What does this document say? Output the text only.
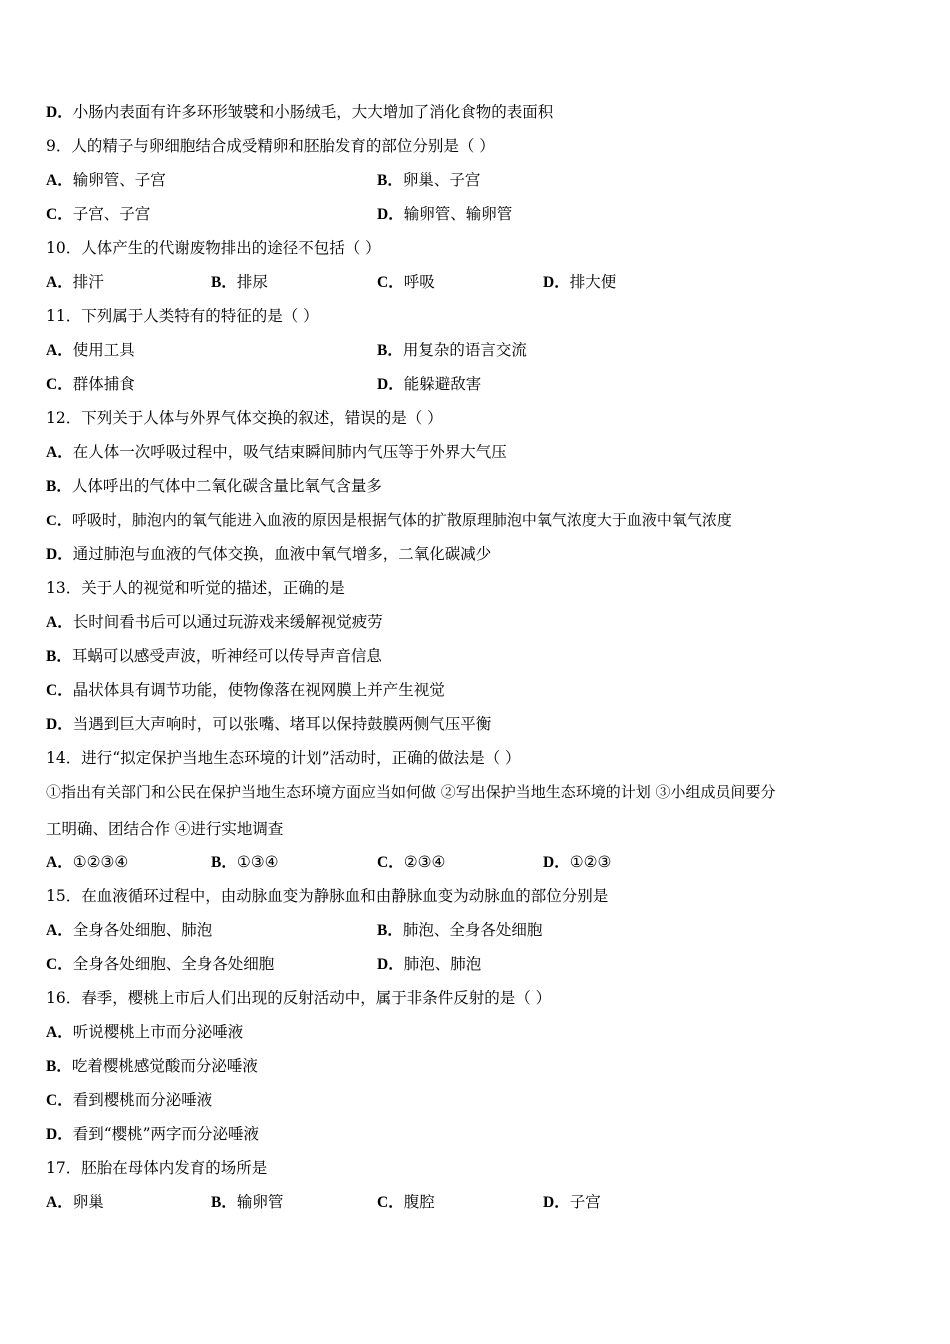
D．小肠内表面有许多环形皱襞和小肠绒毛，大大增加了消化食物的表面积
9．人的精子与卵细胞结合成受精卵和胚胎发育的部位分别是（ ）
A．输卵管、子宫	B．卵巢、子宫
C．子宫、子宫	D．输卵管、输卵管
10．人体产生的代谢废物排出的途径不包括（ ）
A．排汗	B．排尿	C．呼吸	D．排大便
11．下列属于人类特有的特征的是（ ）
A．使用工具	B．用复杂的语言交流
C．群体捕食	D．能躲避敌害
12．下列关于人体与外界气体交换的叙述，错误的是（ ）
A．在人体一次呼吸过程中，吸气结束瞬间肺内气压等于外界大气压
B．人体呼出的气体中二氧化碳含量比氧气含量多
C．呼吸时，肺泡内的氧气能进入血液的原因是根据气体的扩散原理肺泡中氧气浓度大于血液中氧气浓度
D．通过肺泡与血液的气体交换，血液中氧气增多，二氧化碳减少
13．关于人的视觉和听觉的描述，正确的是
A．长时间看书后可以通过玩游戏来缓解视觉疲劳
B．耳蜗可以感受声波，听神经可以传导声音信息
C．晶状体具有调节功能，使物像落在视网膜上并产生视觉
D．当遇到巨大声响时，可以张嘴、堵耳以保持鼓膜两侧气压平衡
14．进行“拟定保护当地生态环境的计划”活动时，正确的做法是（ ）
①指出有关部门和公民在保护当地生态环境方面应当如何做 ②写出保护当地生态环境的计划 ③小组成员间要分
工明确、团结合作 ④进行实地调查
A．①②③④	B．①③④	C．②③④	D．①②③
15．在血液循环过程中，由动脉血变为静脉血和由静脉血变为动脉血的部位分别是
A．全身各处细胞、肺泡	B．肺泡、全身各处细胞
C．全身各处细胞、全身各处细胞	D．肺泡、肺泡
16．春季，樱桃上市后人们出现的反射活动中，属于非条件反射的是（ ）
A．听说樱桃上市而分泌唾液
B．吃着樱桃感觉酸而分泌唾液
C．看到樱桃而分泌唾液
D．看到“樱桃”两字而分泌唾液
17．胚胎在母体内发育的场所是
A．卵巢	B．输卵管	C．腹腔	D．子宫
